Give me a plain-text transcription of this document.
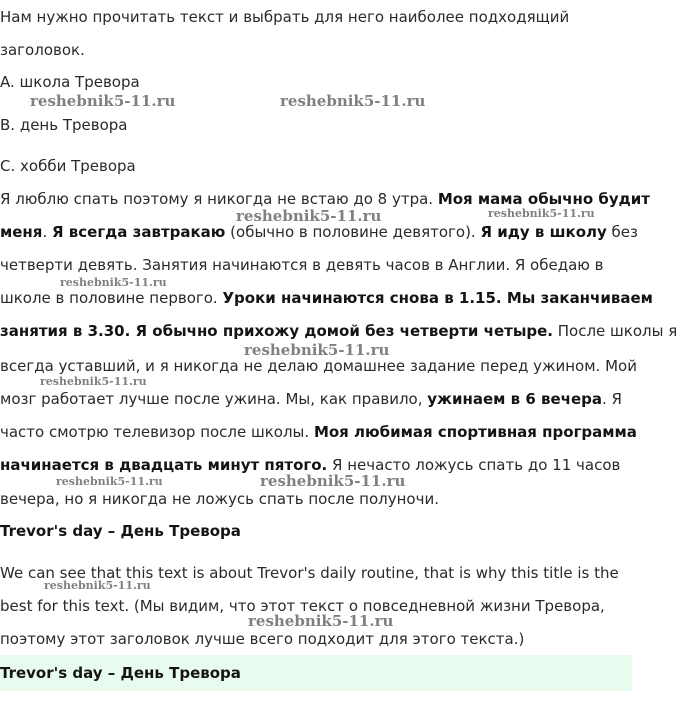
Нам нужно прочитать текст и выбрать для него наиболее подходящий
заголовок.
A. школа Тревора
B. день Тревора
C. хобби Тревора
Я люблю спать поэтому я никогда не встаю до 8 утра. Моя мама обычно будит
меня. Я всегда завтракаю (обычно в половине девятого). Я иду в школу без
четверти девять. Занятия начинаются в девять часов в Англии. Я обедаю в
школе в половине первого. Уроки начинаются снова в 1.15. Мы заканчиваем
занятия в 3.30. Я обычно прихожу домой без четверти четыре. После школы я
всегда уставший, и я никогда не делаю домашнее задание перед ужином. Мой
мозг работает лучше после ужина. Мы, как правило, ужинаем в 6 вечера. Я
часто смотрю телевизор после школы. Моя любимая спортивная программа
начинается в двадцать минут пятого. Я нечасто ложусь спать до 11 часов
вечера, но я никогда не ложусь спать после полуночи.
Trevor's day – День Тревора
We can see that this text is about Trevor's daily routine, that is why this title is the
best for this text. (Мы видим, что этот текст о повседневной жизни Тревора,
поэтому этот заголовок лучше всего подходит для этого текста.)
Trevor's day – День Тревора
reshebnik5-11.ru	reshebnik5-11.ru
reshebnik5-11.ru	reshebnik5-11.ru
reshebnik5-11.ru
reshebnik5-11.ru
reshebnik5-11.ru
reshebnik5-11.ru	reshebnik5-11.ru
reshebnik5-11.ru
reshebnik5-11.ru
